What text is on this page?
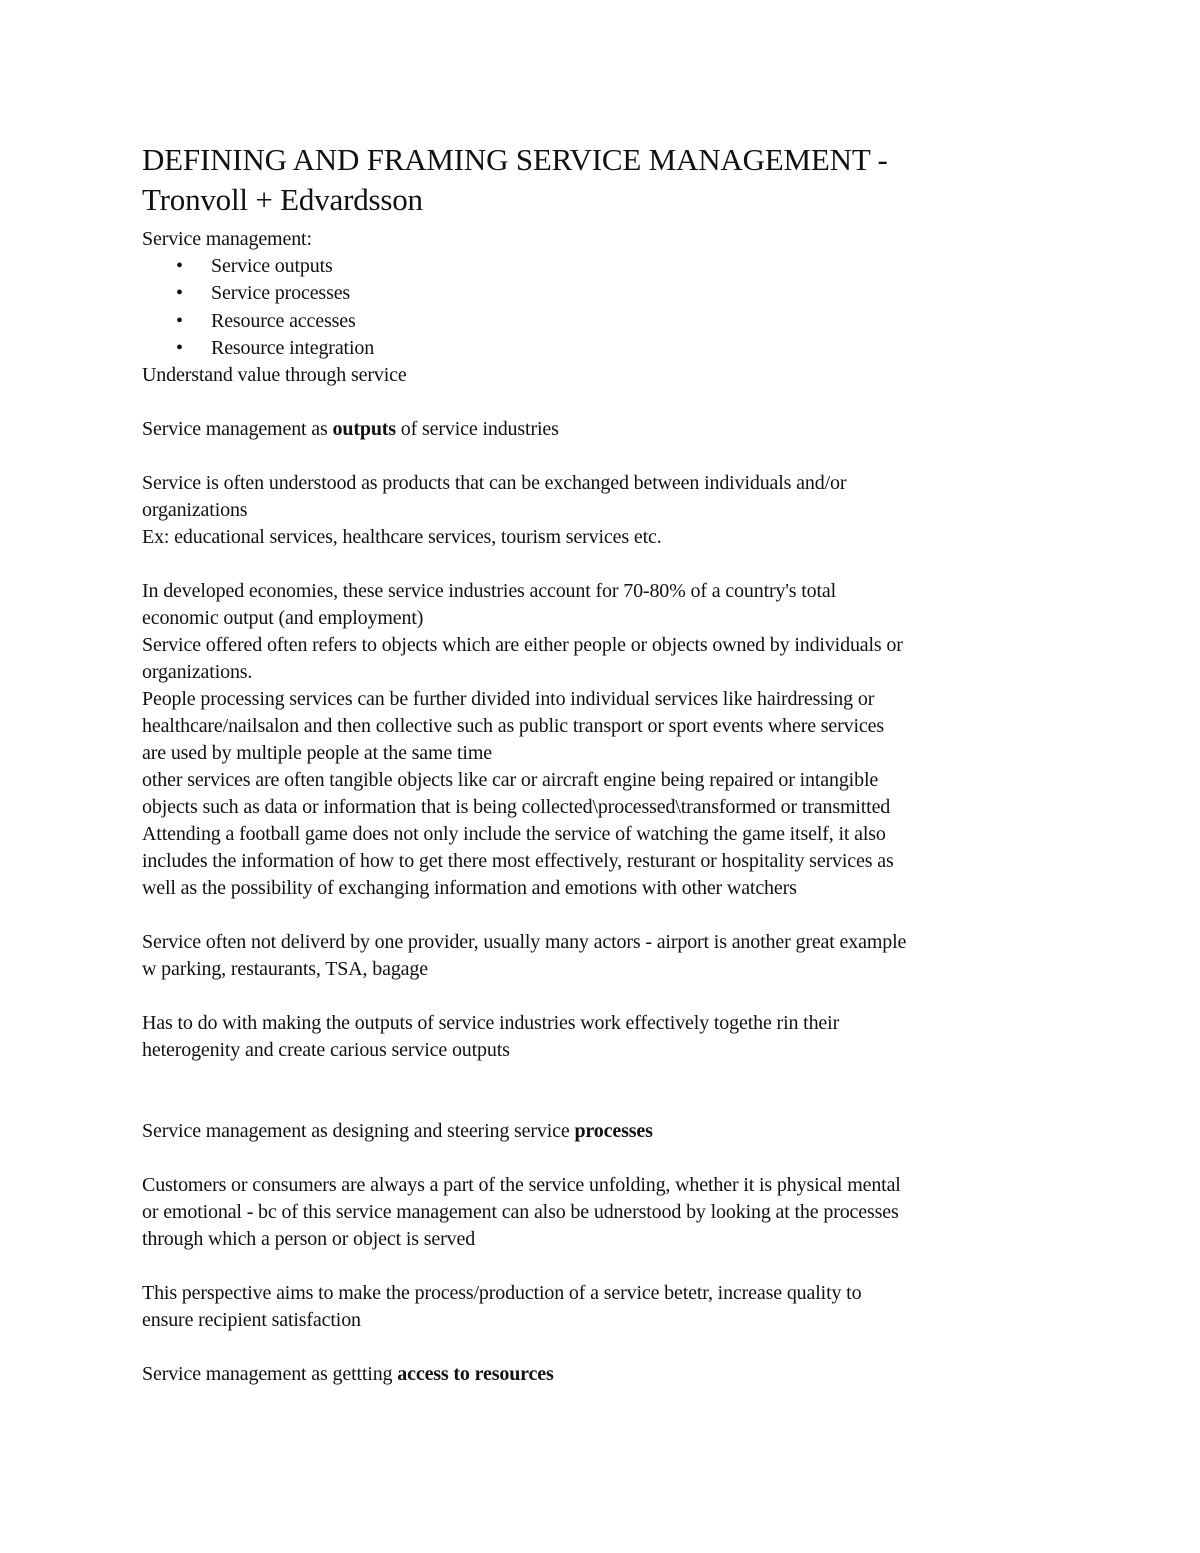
DEFINING AND FRAMING SERVICE MANAGEMENT -
Tronvoll + Edvardsson
Service management:
• Service outputs
• Service processes
• Resource accesses
• Resource integration
Understand value through service
Service management as outputs of service industries
Service is often understood as products that can be exchanged between individuals and/or
organizations
Ex: educational services, healthcare services, tourism services etc.
In developed economies, these service industries account for 70-80% of a country's total
economic output (and employment)
Service offered often refers to objects which are either people or objects owned by individuals or
organizations.
People processing services can be further divided into individual services like hairdressing or
healthcare/nailsalon and then collective such as public transport or sport events where services
are used by multiple people at the same time
other services are often tangible objects like car or aircraft engine being repaired or intangible
objects such as data or information that is being collected\processed\transformed or transmitted
Attending a football game does not only include the service of watching the game itself, it also
includes the information of how to get there most effectively, resturant or hospitality services as
well as the possibility of exchanging information and emotions with other watchers
Service often not deliverd by one provider, usually many actors - airport is another great example
w parking, restaurants, TSA, bagage
Has to do with making the outputs of service industries work effectively togethe rin their
heterogenity and create carious service outputs
Service management as designing and steering service processes
Customers or consumers are always a part of the service unfolding, whether it is physical mental
or emotional - bc of this service management can also be udnerstood by looking at the processes
through which a person or object is served
This perspective aims to make the process/production of a service betetr, increase quality to
ensure recipient satisfaction
Service management as gettting access to resources
